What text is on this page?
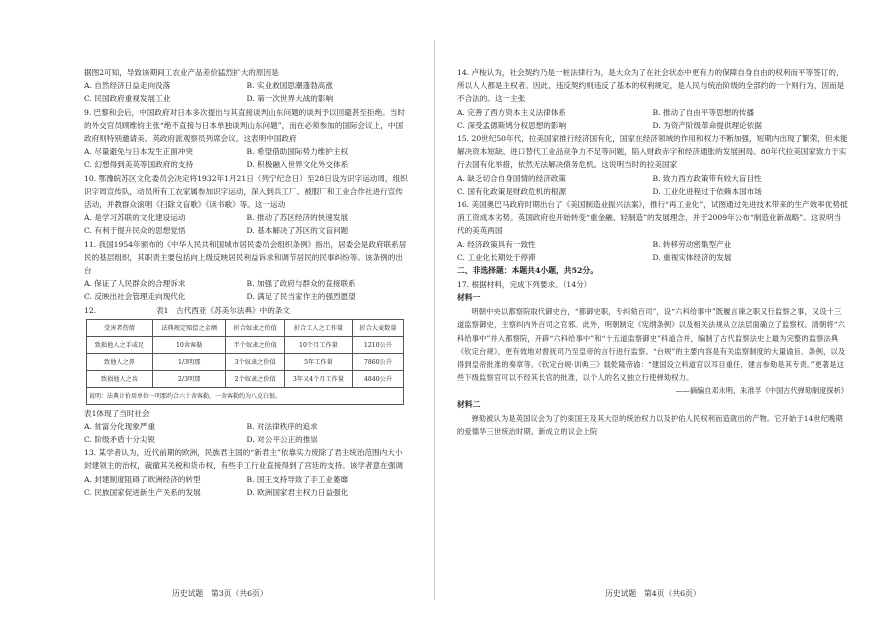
据图2可知，导致该期间工农业产品差价猛烈扩大的原因是

A. 自然经济日益走向没落	B. 实业救国思潮蓬勃高涨
C. 民国政府重视发展工业	D. 第一次世界大战的影响

9. 巴黎和会后，中国政府对日本多次提出与其直接谈判山东问题的谈判予以回避甚至拒绝。当时的外交官员顾维钧主张“绝不直接与日本单独谈判山东问题”，而在必须参加的国际会议上，中国政府则特别邀请美、英政府派观察员列席会议。这表明中国政府

A. 尽量避免与日本发生正面冲突	B. 希望借助国际势力维护主权
C. 幻想得到美英等国政府的支持	D. 积极融入世界文化外交体系

10. 鄂豫皖苏区文化委员会决定将1932年1月21日（列宁纪念日）至28日设为识字运动周，组织识字周宣传队，动员所有工农家属参加识字运动，深入到兵工厂、被服厂和工业合作社进行宣传活动，并教群众演唱《扫除文盲歌》《读书歌》等。这一运动

A. 是学习苏联的文化建设运动	B. 推动了苏区经济的快速发展
C. 有利于提升民众的思想觉悟	D. 基本解决了苏区的文盲问题

11. 我国1954年颁布的《中华人民共和国城市居民委员会组织条例》指出，居委会是政府联系居民的基层组织，其职责主要包括向上级反映居民利益诉求和调节居民的民事纠纷等。该条例的出台

A. 保证了人民群众的合理诉求	B. 加强了政府与群众的直接联系
C. 反映出社会管理走向现代化	D. 满足了民当家作主的强烈愿望
12.	表1　古代西亚《苏美尔法典》中的条文
受害者伤情	法典规定赔偿之金额	折合奴隶之价值	折合工人之工作量	折合大麦数量
致损他人之手或足	10舍客勒	半个奴隶之价值	10个月工作量	1210公升
致他人之鼻	1/3明那	3个奴隶之价值	5年工作量	7860公升
致损他人之齿	2/3明那	2个奴隶之价值	3年又4个月工作量	4840公升
说明：法典计价用单位一明那约合六十舍客勒，一舍客勒约为八克白银。				

表1体现了当时社会

A. 贫富分化现象严重	B. 对法律秩序的追求
C. 阶级矛盾十分尖锐	D. 对公平公正的推崇

13. 某学者认为，近代前期的欧洲，民族君主国的“新君主”依靠实力废除了君主统治范围内大小封建领主的治权，裁撤其关税和货币权，有些手工行业直接得到了宫廷的支持。该学者意在强调

A. 封建制度阻碍了欧洲经济的转型	B. 国王支持导致了手工业萎靡
C. 民族国家促进新生产关系的发展	D. 欧洲国家君主权力日益强化
历史试题　第3页（共6页）

14. 卢梭认为，社会契约乃是一桩法律行为，是大众为了在社会状态中更有力的保障自身自由的权利而平等签订的，所以人人都是主权者。因此，违反契约则违反了基本的权利规定，是人民与统治阶级的全部约的一个则行为，因而是不合法的。这一主张

A. 完善了西方资本主义法律体系	B. 推动了自由平等思想的传播
C. 深受孟德斯鸠分权思想的影响	D. 为资产阶级革命提供理论依据

15. 20世纪50年代，拉美国家推行经济国有化，国家在经济领域的作用和权力不断加强，短期内出现了繁荣，但未能解决资本短缺、进口替代工业品竞争力不足等问题，陷入财政赤字和经济通胀的发展困局。80年代拉美国家致力于实行去国有化举措，依然无法解决债务危机。这说明当时的拉美国家

A. 缺乏切合自身国情的经济政策	B. 致力西方政策带有较大盲目性
C. 国有化政策是财政危机的根源	D. 工业化进程过于依赖本国市场

16. 美国奥巴马政府时期出台了《美国制造业振兴法案》，推行“再工业化”，试图通过先进技术带来的生产效率优势抵消工资成本劣势。英国政府也开始转变“重金融、轻制造”的发展理念，并于2009年公布“制造业新战略”。这说明当代的美英两国

A. 经济政策具有一致性	B. 转移劳动密集型产业
C. 工业化长期处于停滞	D. 重视实体经济的发展

二、非选择题：本题共4小题，共52分。

17. 根据材料，完成下列要求。（14分）

材料一

明朝中央以都察院取代御史台，“都御史职，专纠劾百司”，设“六科给事中”既履言谏之职又行监察之事，又设十三道监察御史，主察纠内外百司之官邪。此外，明朝制定《宪纲条例》以及相关法规从立法层面确立了监察权。清朝将“六科给事中”并入都察院，开辟“六科给事中”和“十五道监察御史”科道合并，编制了古代监察法史上最为完整的监察法典《钦定台规》，更有效地对督抚司乃至皇帝的言行进行监察。“台规”的主要内容是有关监察制度的大量谕旨、条例，以及得到皇帝批准的奏章等。《钦定台规·训典三》载乾隆帝谕：“建国设立科道官以耳目重任，建言参劾是其专责。”更著是这些下级监察官可以不经其长官的批准，以个人的名义独立行使弹劾权力。

——摘编自邓永明、朱准孚《中国古代弹劾制度探析》

材料二

弹劾被认为是英国议会为了约束国王及其大臣的统治权力以及护佑人民权利而造就出的产物。它开始于14世纪晚期的爱德华三世统治时期，新成立的议会上院

历史试题　第4页（共6页）
